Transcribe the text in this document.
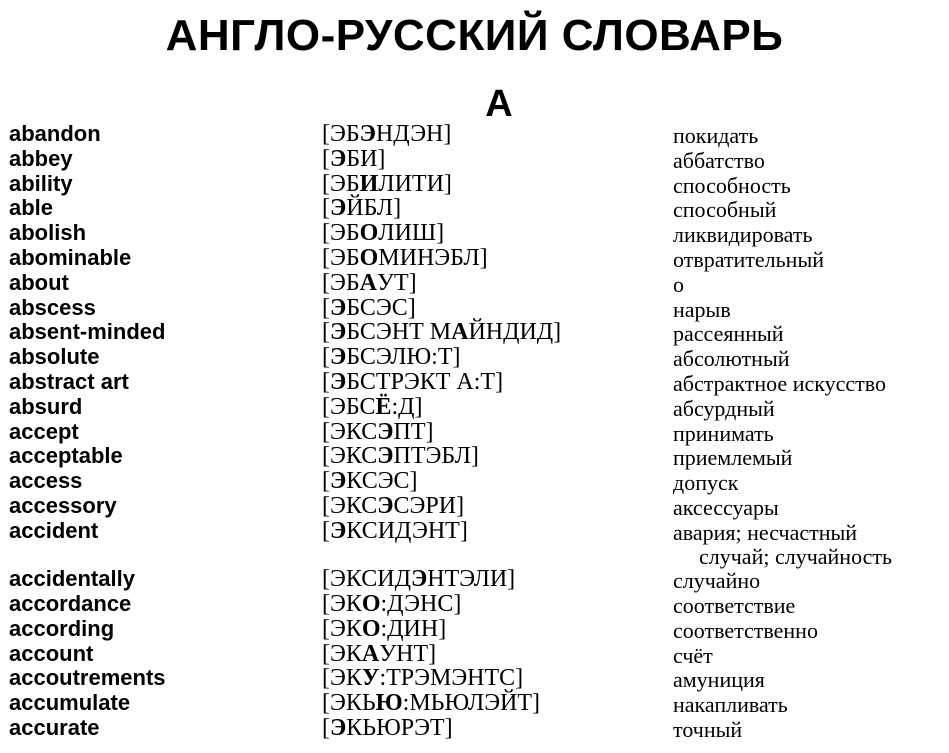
АНГЛО-РУССКИЙ СЛОВАРЬ
A
abandon	[ЭБЭНДЭН]	покидать
abbey	[ЭБИ]	аббатство
ability	[ЭБИЛИТИ]	способность
able	[ЭЙБЛ]	способный
abolish	[ЭБОЛИШ]	ликвидировать
abominable	[ЭБОМИНЭБЛ]	отвратительный
about	[ЭБАУТ]	о
abscess	[ЭБСЭС]	нарыв
absent-minded	[ЭБСЭНТ МАЙНДИД]	рассеянный
absolute	[ЭБСЭЛЮ:Т]	абсолютный
abstract art	[ЭБСТРЭКТ А:Т]	абстрактное искусство
absurd	[ЭБСЁ:Д]	абсурдный
accept	[ЭКСЭПТ]	принимать
acceptable	[ЭКСЭПТЭБЛ]	приемлемый
access	[ЭКСЭС]	допуск
accessory	[ЭКСЭСЭРИ]	аксессуары
accident	[ЭКСИДЭНТ]	авария; несчастный
случай; случайность
accidentally	[ЭКСИДЭНТЭЛИ]	случайно
accordance	[ЭКО:ДЭНС]	соответствие
according	[ЭКО:ДИН]	соответственно
account	[ЭКАУНТ]	счёт
accoutrements	[ЭКУ:ТРЭМЭНТС]	амуниция
accumulate	[ЭКЬЮ:МЬЮЛЭЙТ]	накапливать
accurate	[ЭКЬЮРЭТ]	точный
